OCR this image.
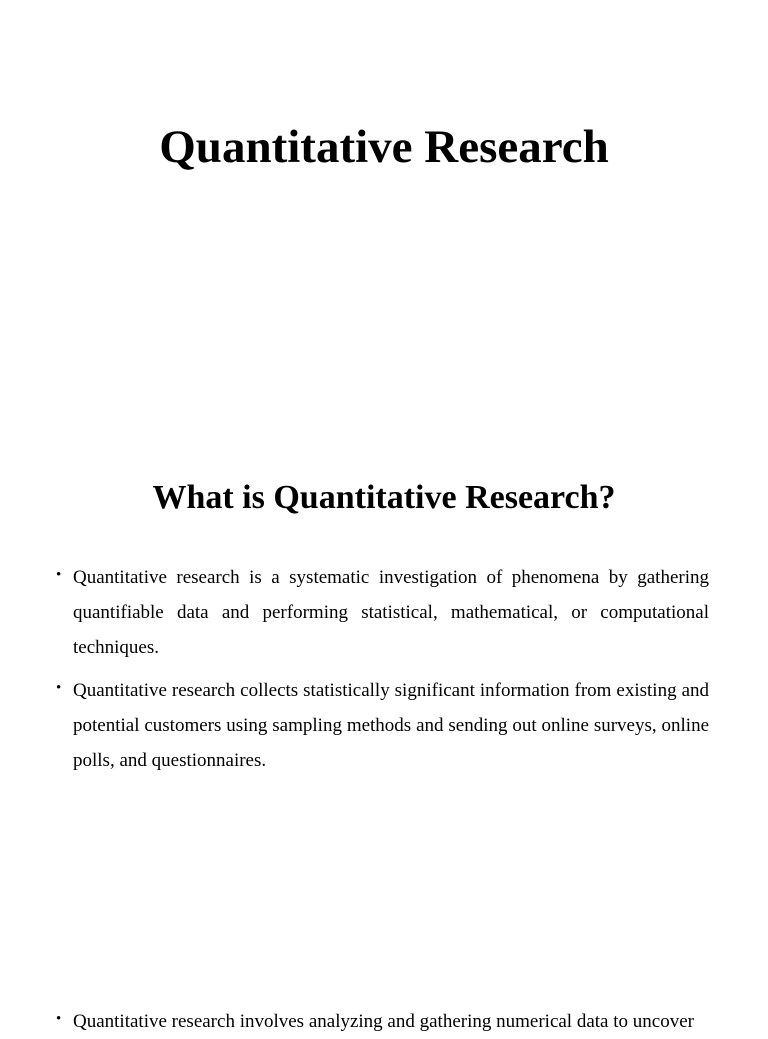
Quantitative Research
What is Quantitative Research?
• Quantitative research is a systematic investigation of phenomena by gathering quantifiable data and performing statistical, mathematical, or computational techniques.
• Quantitative research collects statistically significant information from existing and potential customers using sampling methods and sending out online surveys, online polls, and questionnaires.
• Quantitative research involves analyzing and gathering numerical data to uncover
